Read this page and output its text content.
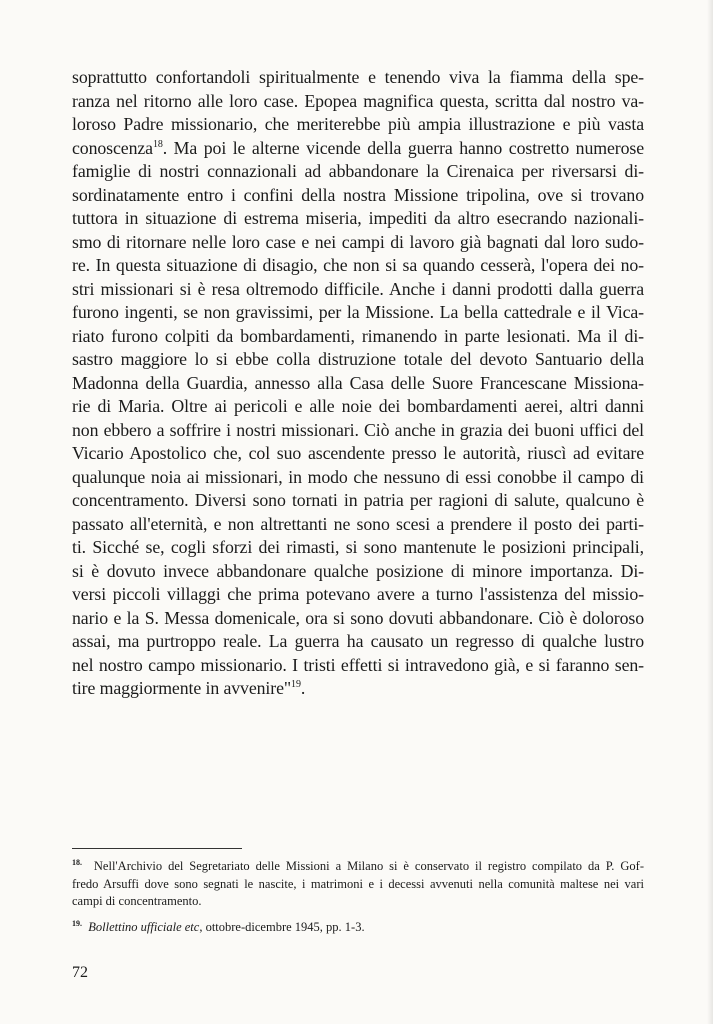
soprattutto confortandoli spiritualmente e tenendo viva la fiamma della spe-
ranza nel ritorno alle loro case. Epopea magnifica questa, scritta dal nostro va-
loroso Padre missionario, che meriterebbe più ampia illustrazione e più vasta
conoscenza$^{18}$. Ma poi le alterne vicende della guerra hanno costretto numerose
famiglie di nostri connazionali ad abbandonare la Cirenaica per riversarsi di-
sordinatamente entro i confini della nostra Missione tripolina, ove si trovano
tuttora in situazione di estrema miseria, impediti da altro esecrando nazionali-
smo di ritornare nelle loro case e nei campi di lavoro già bagnati dal loro sudo-
re. In questa situazione di disagio, che non si sa quando cesserà, l'opera dei no-
stri missionari si è resa oltremodo difficile. Anche i danni prodotti dalla guerra
furono ingenti, se non gravissimi, per la Missione. La bella cattedrale e il Vica-
riato furono colpiti da bombardamenti, rimanendo in parte lesionati. Ma il di-
sastro maggiore lo si ebbe colla distruzione totale del devoto Santuario della
Madonna della Guardia, annesso alla Casa delle Suore Francescane Missiona-
rie di Maria. Oltre ai pericoli e alle noie dei bombardamenti aerei, altri danni
non ebbero a soffrire i nostri missionari. Ciò anche in grazia dei buoni uffici del
Vicario Apostolico che, col suo ascendente presso le autorità, riuscì ad evitare
qualunque noia ai missionari, in modo che nessuno di essi conobbe il campo di
concentramento. Diversi sono tornati in patria per ragioni di salute, qualcuno è
passato all'eternità, e non altrettanti ne sono scesi a prendere il posto dei parti-
ti. Sicché se, cogli sforzi dei rimasti, si sono mantenute le posizioni principali,
si è dovuto invece abbandonare qualche posizione di minore importanza. Di-
versi piccoli villaggi che prima potevano avere a turno l'assistenza del missio-
nario e la S. Messa domenicale, ora si sono dovuti abbandonare. Ciò è doloroso
assai, ma purtroppo reale. La guerra ha causato un regresso di qualche lustro
nel nostro campo missionario. I tristi effetti si intravedono già, e si faranno sen-
tire maggiormente in avvenire"$^{19}$.
$^{18.}$ Nell'Archivio del Segretariato delle Missioni a Milano si è conservato il registro compilato da P. Gof-
fredo Arsuffi dove sono segnati le nascite, i matrimoni e i decessi avvenuti nella comunità maltese nei vari
campi di concentramento.
$^{19.}$ Bollettino ufficiale etc, ottobre-dicembre 1945, pp. 1-3.
72
